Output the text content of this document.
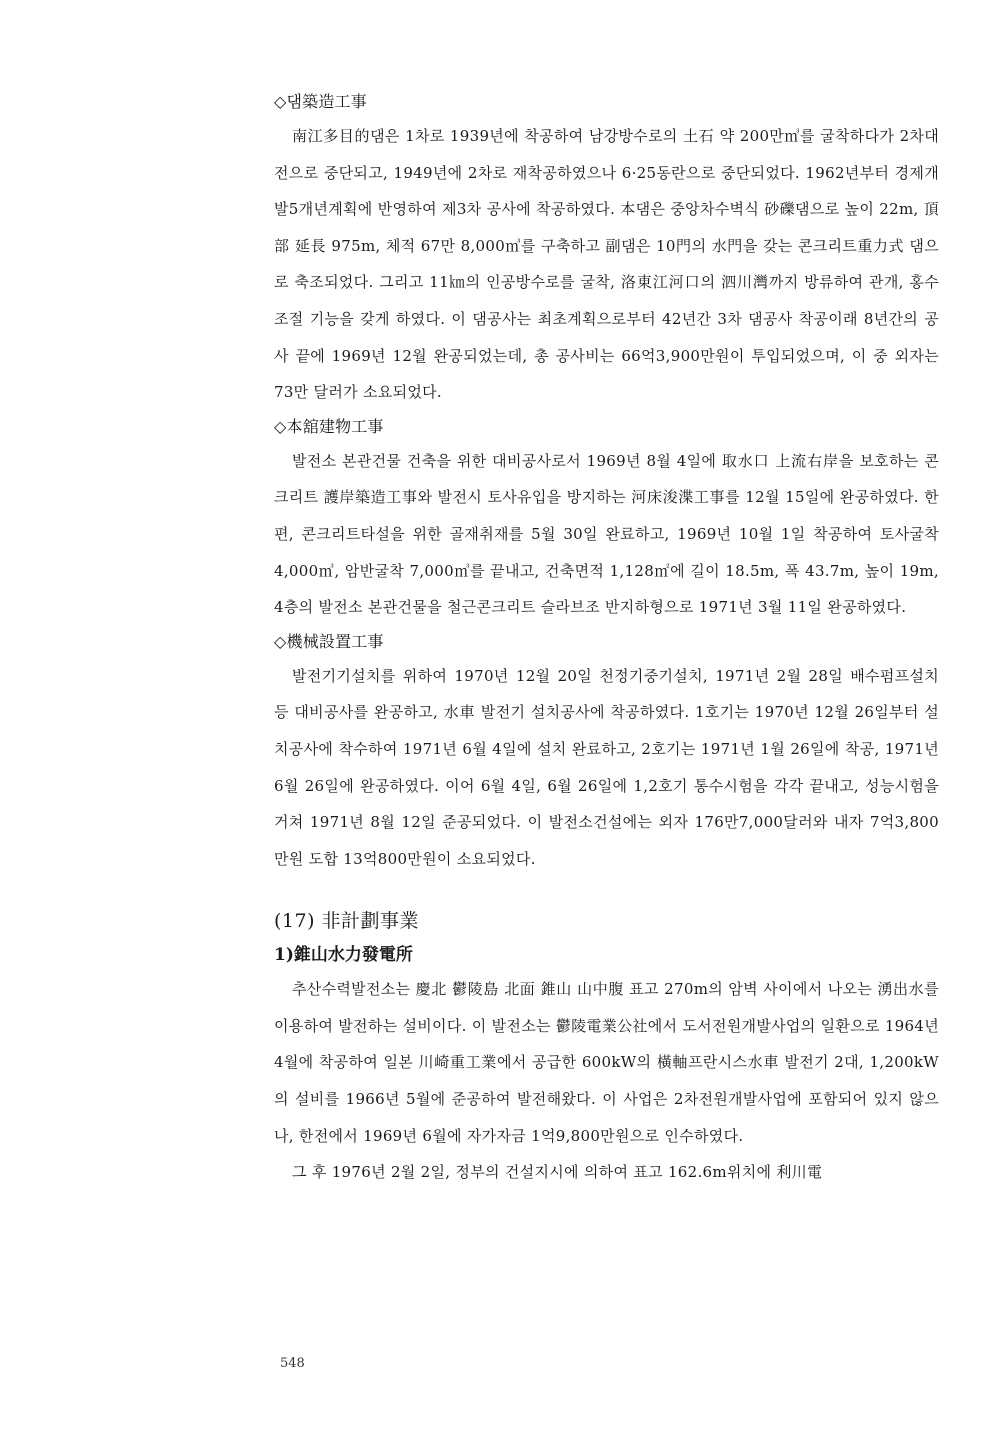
◇댐築造工事

南江多目的댐은 1차로 1939년에 착공하여 남강방수로의 土石 약 200만㎥를 굴착하다가 2차대전으로 중단되고, 1949년에 2차로 재착공하였으나 6·25동란으로 중단되었다. 1962년부터 경제개발5개년계획에 반영하여 제3차 공사에 착공하였다. 本댐은 중앙차수벽식 砂礫댐으로 높이 22m, 頂部 延長 975m, 체적 67만 8,000㎥를 구축하고 副댐은 10門의 水門을 갖는 콘크리트重力式 댐으로 축조되었다. 그리고 11㎞의 인공방수로를 굴착, 洛東江河口의 泗川灣까지 방류하여 관개, 홍수조절 기능을 갖게 하였다. 이 댐공사는 최초계획으로부터 42년간 3차 댐공사 착공이래 8년간의 공사 끝에 1969년 12월 완공되었는데, 총 공사비는 66억3,900만원이 투입되었으며, 이 중 외자는 73만 달러가 소요되었다.

◇本舘建物工事

발전소 본관건물 건축을 위한 대비공사로서 1969년 8월 4일에 取水口 上流右岸을 보호하는 콘크리트 護岸築造工事와 발전시 토사유입을 방지하는 河床浚渫工事를 12월 15일에 완공하였다. 한편, 콘크리트타설을 위한 골재취재를 5월 30일 완료하고, 1969년 10월 1일 착공하여 토사굴착 4,000㎥, 암반굴착 7,000㎥를 끝내고, 건축면적 1,128㎡에 길이 18.5m, 폭 43.7m, 높이 19m, 4층의 발전소 본관건물을 철근콘크리트 슬라브조 반지하형으로 1971년 3월 11일 완공하였다.

◇機械設置工事

발전기기설치를 위하여 1970년 12월 20일 천정기중기설치, 1971년 2월 28일 배수펌프설치 등 대비공사를 완공하고, 水車 발전기 설치공사에 착공하였다. 1호기는 1970년 12월 26일부터 설치공사에 착수하여 1971년 6월 4일에 설치 완료하고, 2호기는 1971년 1월 26일에 착공, 1971년 6월 26일에 완공하였다. 이어 6월 4일, 6월 26일에 1,2호기 통수시험을 각각 끝내고, 성능시험을 거쳐 1971년 8월 12일 준공되었다. 이 발전소건설에는 외자 176만7,000달러와 내자 7억3,800만원 도합 13억800만원이 소요되었다.

(17) 非計劃事業
1)錐山水力發電所

추산수력발전소는 慶北 鬱陵島 北面 錐山 山中腹 표고 270m의 암벽 사이에서 나오는 湧出水를 이용하여 발전하는 설비이다. 이 발전소는 鬱陵電業公社에서 도서전원개발사업의 일환으로 1964년 4월에 착공하여 일본 川崎重工業에서 공급한 600kW의 橫軸프란시스水車 발전기 2대, 1,200kW의 설비를 1966년 5월에 준공하여 발전해왔다. 이 사업은 2차전원개발사업에 포함되어 있지 않으나, 한전에서 1969년 6월에 자가자금 1억9,800만원으로 인수하였다.

그 후 1976년 2월 2일, 정부의 건설지시에 의하여 표고 162.6m위치에 利川電

548
